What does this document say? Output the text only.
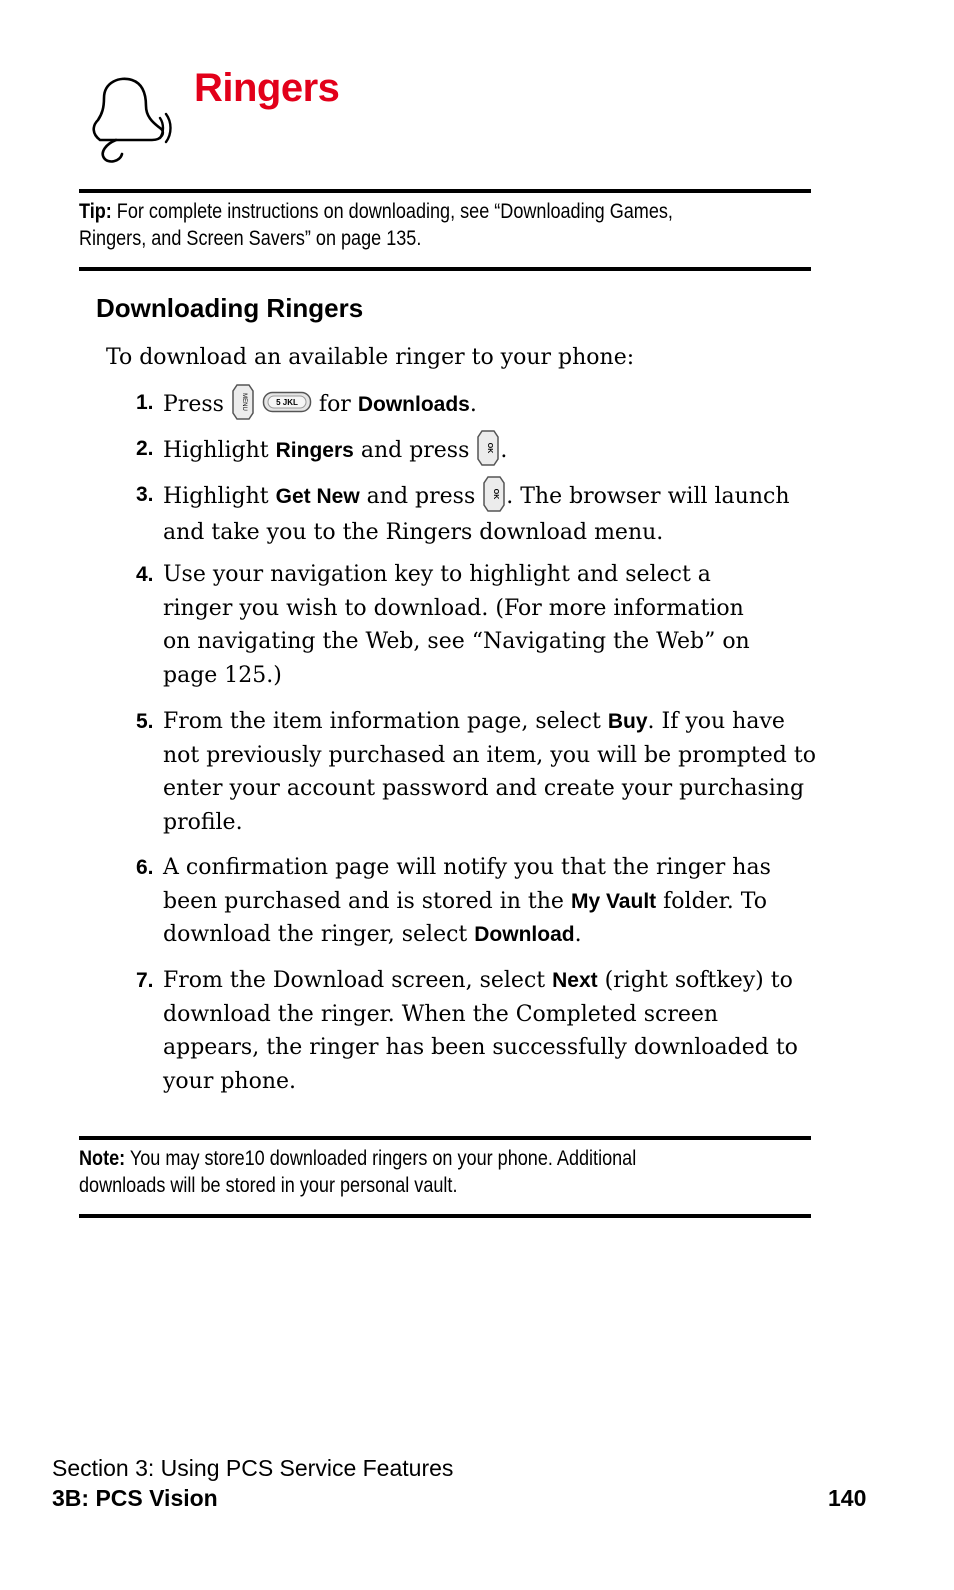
Ringers
Tip: For complete instructions on downloading, see “Downloading Games, Ringers, and Screen Savers” on page 135.
Downloading Ringers

To download an available ringer to your phone:

1. Press	MENU
	5 JKL for Downloads.
2. Highlight Ringers and press OK .
3. Highlight Get New and press OK . The browser will launch and take you to the Ringers download menu.
4. Use your navigation key to highlight and select a ringer you wish to download. (For more information on navigating the Web, see “Navigating the Web” on page 125.)
5. From the item information page, select Buy. If you have not previously purchased an item, you will be prompted to enter your account password and create your purchasing profile.
6. A confirmation page will notify you that the ringer has been purchased and is stored in the My Vault folder. To download the ringer, select Download.
7. From the Download screen, select Next (right softkey) to download the ringer. When the Completed screen appears, the ringer has been successfully downloaded to your phone.
Note: You may store10 downloaded ringers on your phone. Additional downloads will be stored in your personal vault.
Section 3: Using PCS Service Features
3B: PCS Vision	140
